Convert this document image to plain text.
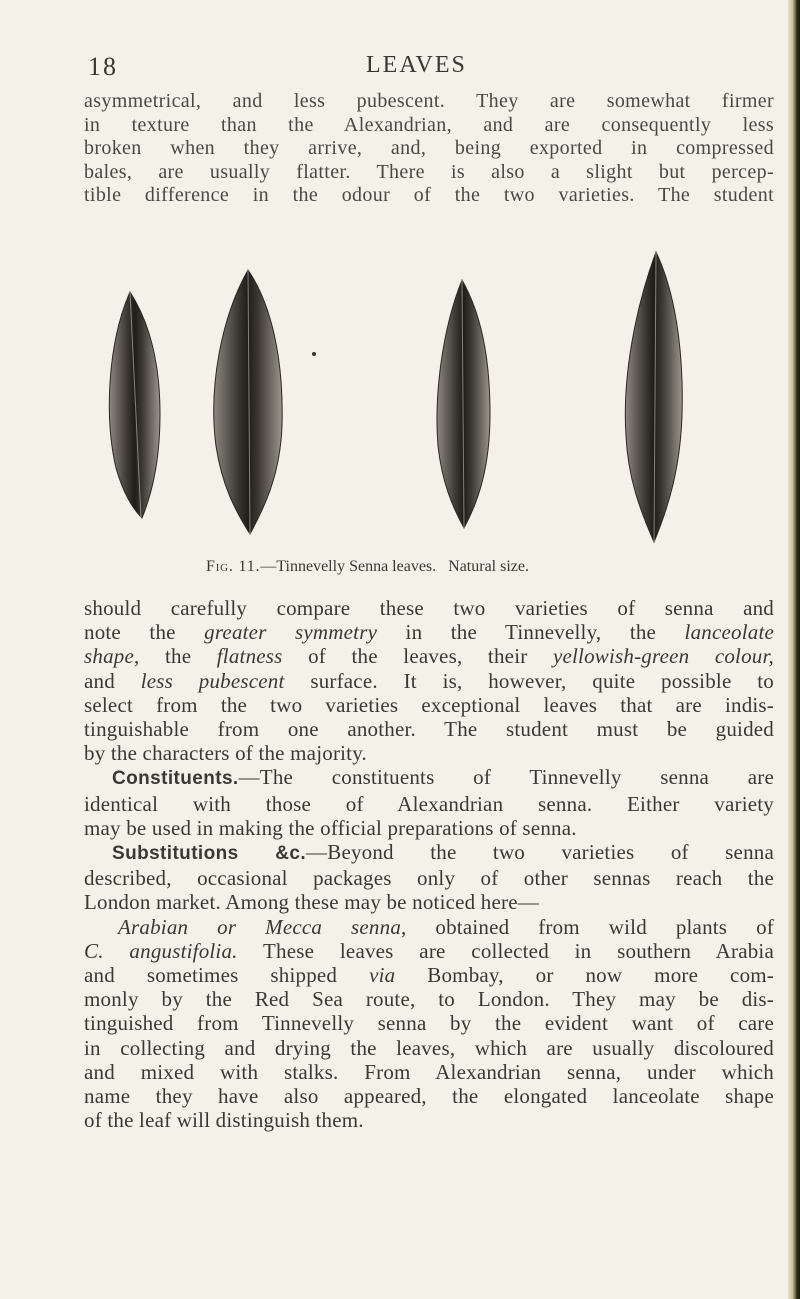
18	LEAVES
asymmetrical, and less pubescent. They are somewhat firmer
in texture than the Alexandrian, and are consequently less
broken when they arrive, and, being exported in compressed
bales, are usually flatter. There is also a slight but percep-
tible difference in the odour of the two varieties. The student
Fig. 11.—Tinnevelly Senna leaves. Natural size.
should carefully compare these two varieties of senna and
note the greater symmetry in the Tinnevelly, the lanceolate
shape, the flatness of the leaves, their yellowish-green colour,
and less pubescent surface. It is, however, quite possible to
select from the two varieties exceptional leaves that are indis-
tinguishable from one another. The student must be guided
by the characters of the majority.
Constituents.—The constituents of Tinnevelly senna are
identical with those of Alexandrian senna. Either variety
may be used in making the official preparations of senna.
Substitutions &c.—Beyond the two varieties of senna
described, occasional packages only of other sennas reach the
London market. Among these may be noticed here—
Arabian or Mecca senna, obtained from wild plants of
C. angustifolia. These leaves are collected in southern Arabia
and sometimes shipped via Bombay, or now more com-
monly by the Red Sea route, to London. They may be dis-
tinguished from Tinnevelly senna by the evident want of care
in collecting and drying the leaves, which are usually discoloured
and mixed with stalks. From Alexandrian senna, under which
name they have also appeared, the elongated lanceolate shape
of the leaf will distinguish them.
